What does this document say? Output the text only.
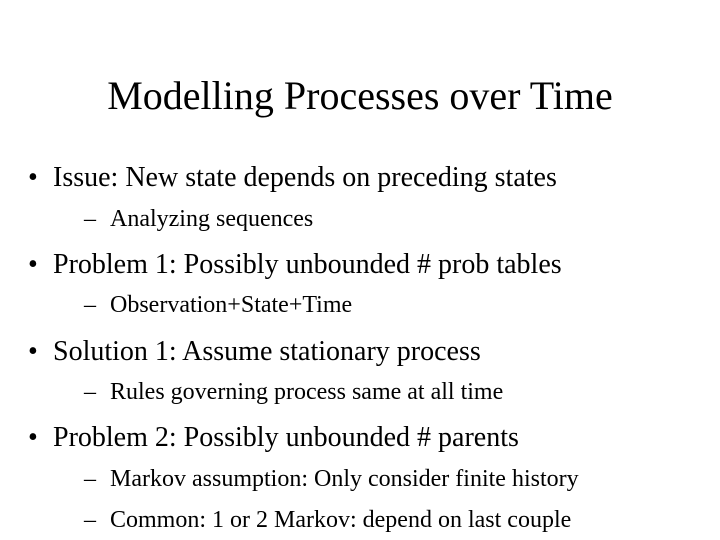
Modelling Processes over Time
•Issue: New state depends on preceding states
–Analyzing sequences
•Problem 1: Possibly unbounded # prob tables
–Observation+State+Time
•Solution 1: Assume stationary process
–Rules governing process same at all time
•Problem 2: Possibly unbounded # parents
–Markov assumption: Only consider finite history
–Common: 1 or 2 Markov: depend on last couple
